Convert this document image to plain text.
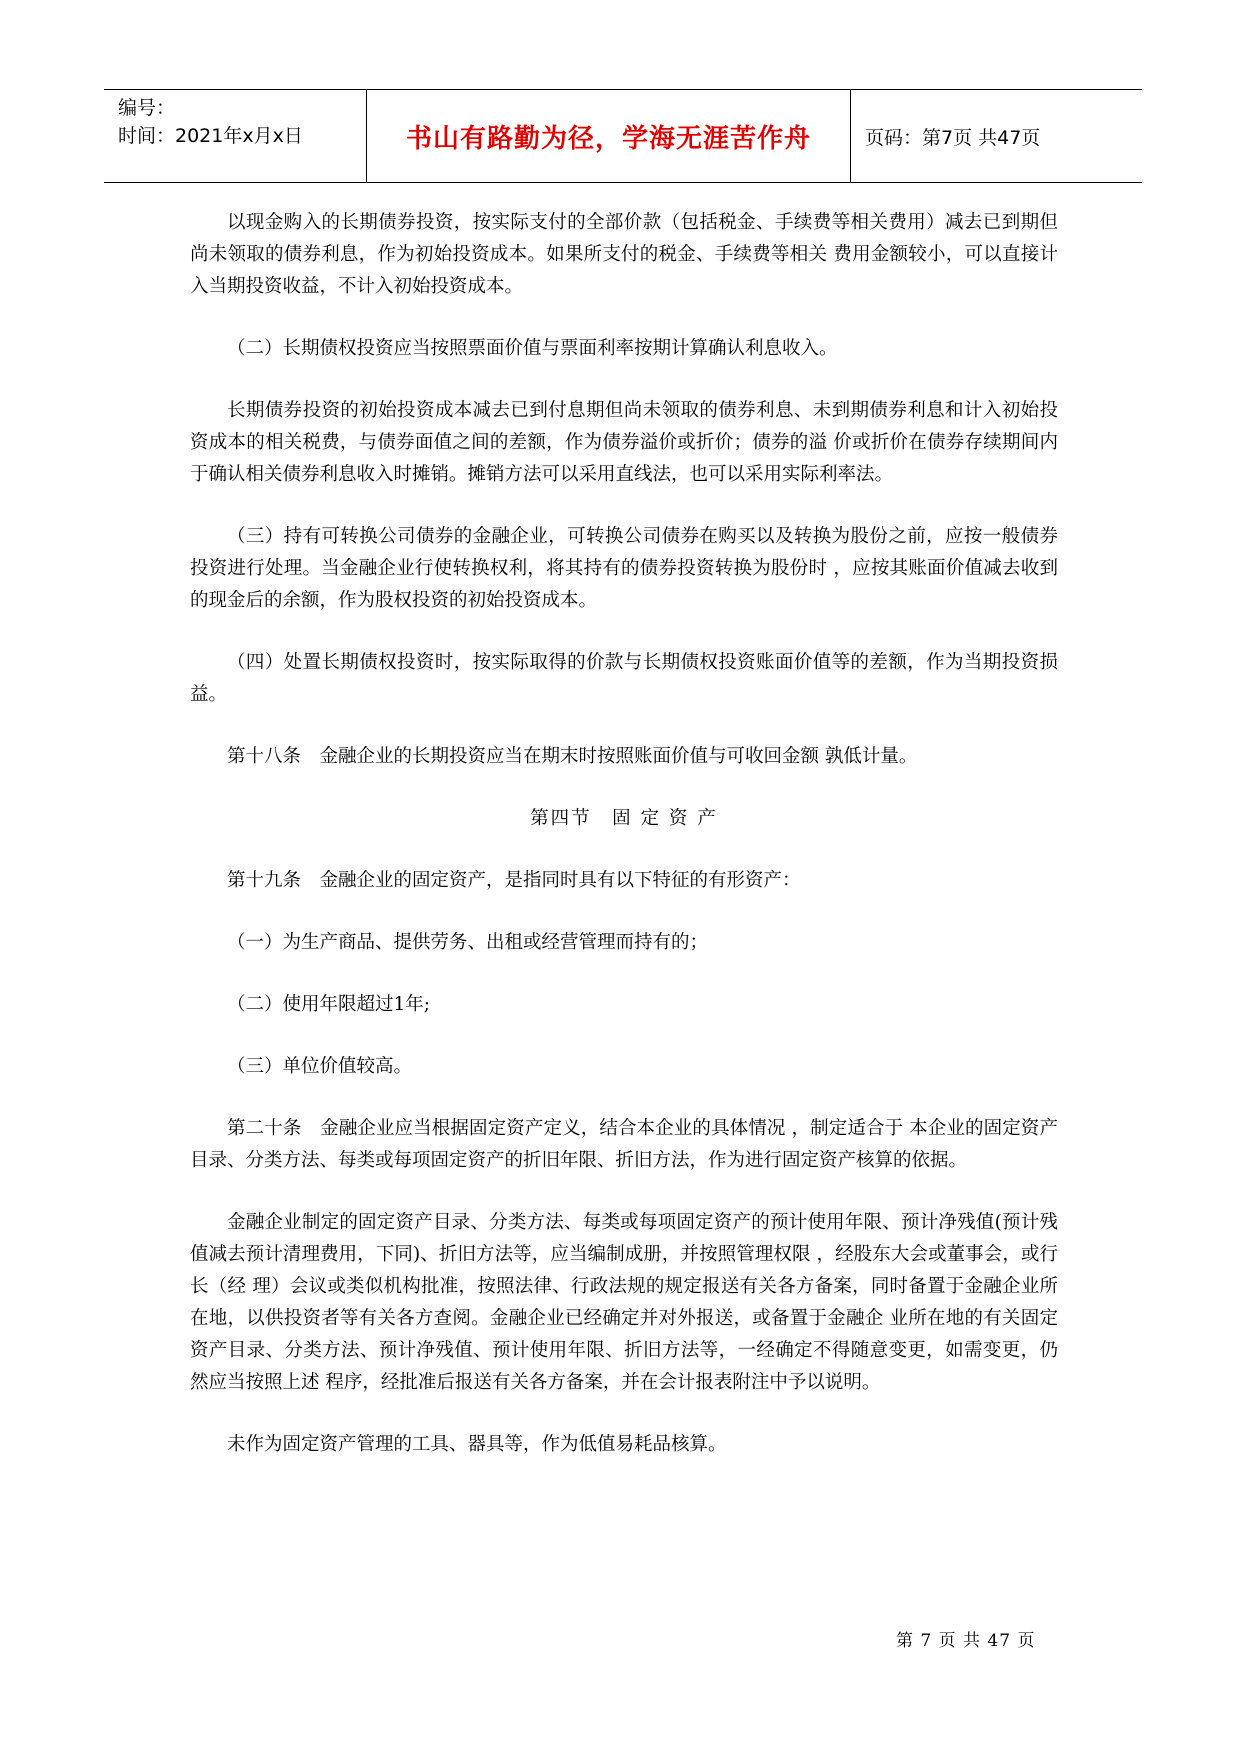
编号：
时间：2021年x月x日	书山有路勤为径，学海无涯苦作舟	页码：第7页 共47页

以现金购入的长期债券投资，按实际支付的全部价款（包括税金、手续费等相关费用）减去已到期但尚未领取的债券利息，作为初始投资成本。如果所支付的税金、手续费等相关 费用金额较小，可以直接计入当期投资收益，不计入初始投资成本。

（二）长期债权投资应当按照票面价值与票面利率按期计算确认利息收入。

长期债券投资的初始投资成本减去已到付息期但尚未领取的债券利息、未到期债券利息和计入初始投资成本的相关税费，与债券面值之间的差额，作为债券溢价或折价；债券的溢 价或折价在债券存续期间内于确认相关债券利息收入时摊销。摊销方法可以采用直线法，也可以采用实际利率法。

（三）持有可转换公司债券的金融企业，可转换公司债券在购买以及转换为股份之前，应按一般债券投资进行处理。当金融企业行使转换权利，将其持有的债券投资转换为股份时 ，应按其账面价值减去收到的现金后的余额，作为股权投资的初始投资成本。

（四）处置长期债权投资时，按实际取得的价款与长期债权投资账面价值等的差额，作为当期投资损益。

第十八条　金融企业的长期投资应当在期末时按照账面价值与可收回金额 孰低计量。

第四节　固 定 资 产

第十九条　金融企业的固定资产，是指同时具有以下特征的有形资产：

（一）为生产商品、提供劳务、出租或经营管理而持有的；

（二）使用年限超过1年;

（三）单位价值较高。

第二十条　金融企业应当根据固定资产定义，结合本企业的具体情况 ，制定适合于 本企业的固定资产目录、分类方法、每类或每项固定资产的折旧年限、折旧方法，作为进行固定资产核算的依据。

金融企业制定的固定资产目录、分类方法、每类或每项固定资产的预计使用年限、预计净残值(预计残值减去预计清理费用，下同)、折旧方法等，应当编制成册，并按照管理权限 ，经股东大会或董事会，或行长（经 理）会议或类似机构批准，按照法律、行政法规的规定报送有关各方备案，同时备置于金融企业所在地，以供投资者等有关各方查阅。金融企业已经确定并对外报送，或备置于金融企 业所在地的有关固定资产目录、分类方法、预计净残值、预计使用年限、折旧方法等，一经确定不得随意变更，如需变更，仍然应当按照上述 程序，经批准后报送有关各方备案，并在会计报表附注中予以说明。

未作为固定资产管理的工具、器具等，作为低值易耗品核算。

第 7 页 共 47 页
